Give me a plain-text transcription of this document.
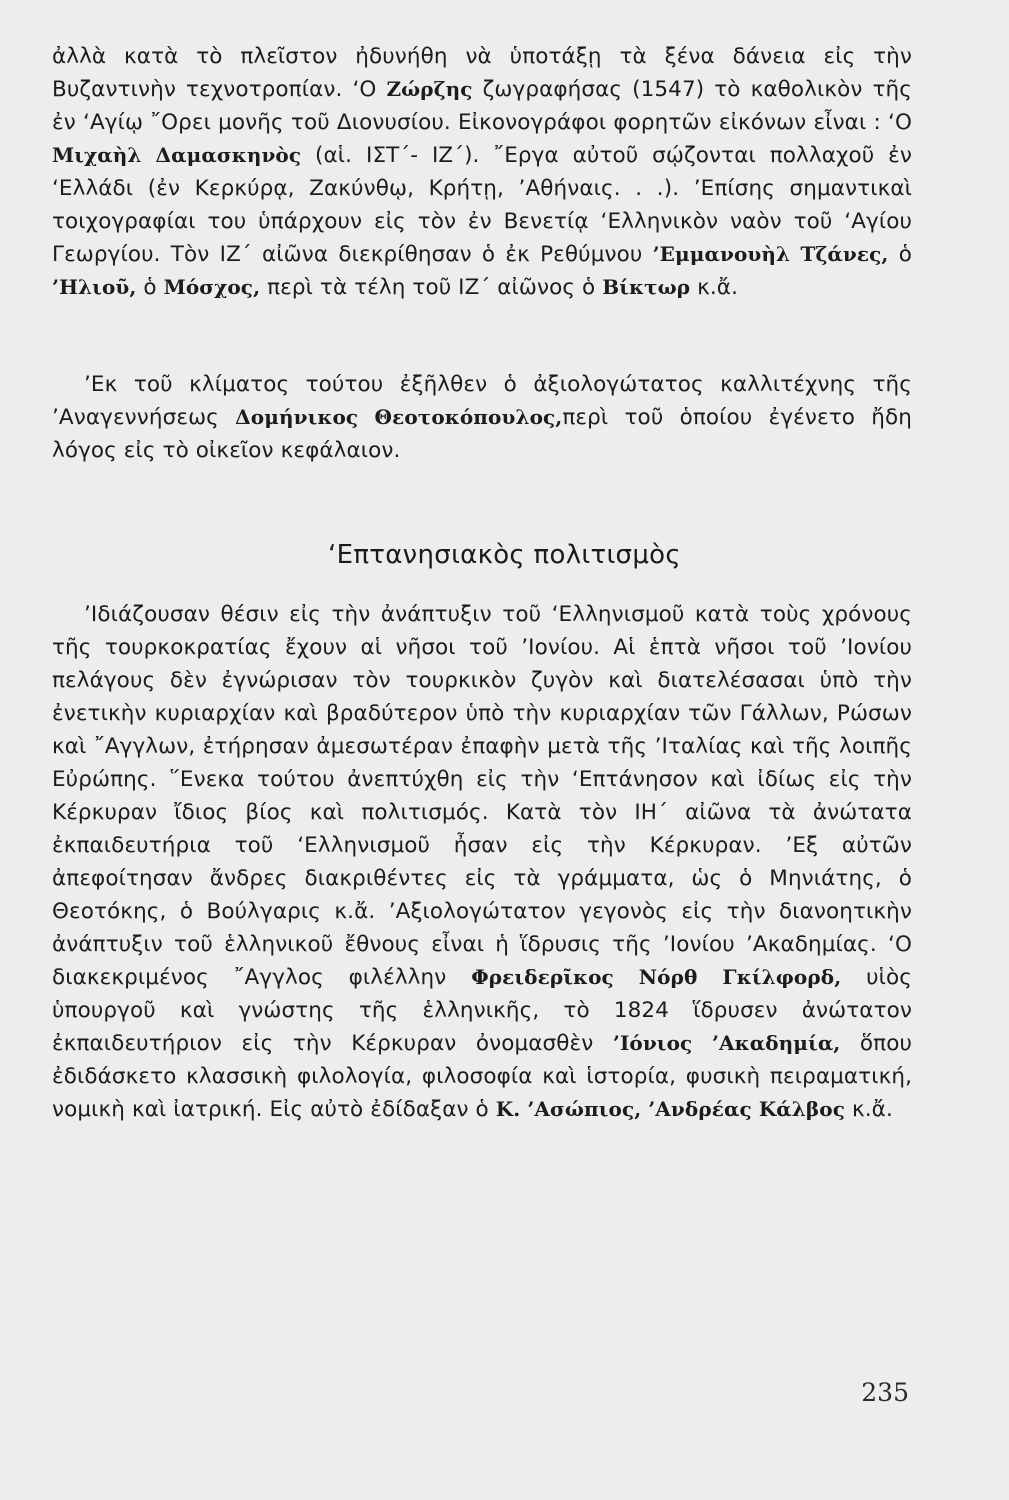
ἀλλὰ κατὰ τὸ πλεῖστον ἠδυνήθη νὰ ὑποτάξῃ τὰ ξένα δάνεια εἰς τὴν Βυζαντινὴν τεχνοτροπίαν. ‘Ο Ζώρζης ζωγραφήσας (1547) τὸ καθολικὸν τῆς ἐν ‘Αγίῳ ῎Ορει μονῆς τοῦ Διονυσίου. Εἰκονογράφοι φορητῶν εἰκόνων εἶναι : ‘Ο Μιχαὴλ Δαμασκηνὸς (αἱ. ΙΣΤ΄- ΙΖ΄). ῎Εργα αὐτοῦ σῴζονται πολλαχοῦ ἐν ‘Ελλάδι (ἐν Κερκύρᾳ, Ζακύνθῳ, Κρήτῃ, ’Αθήναις. . .). ’Επίσης σημαντικαὶ τοιχογραφίαι του ὑπάρχουν εἰς τὸν ἐν Βενετίᾳ ‘Ελληνικὸν ναὸν τοῦ ‘Αγίου Γεωργίου. Τὸν ΙΖ΄ αἰῶνα διεκρίθησαν ὁ ἐκ Ρεθύμνου ’Εμμανουὴλ Τζάνες, ὁ ’Ηλιοῦ, ὁ Μόσχος, περὶ τὰ τέλη τοῦ ΙΖ΄ αἰῶνος ὁ Βίκτωρ κ.ἄ.

’Εκ τοῦ κλίματος τούτου ἐξῆλθεν ὁ ἀξιολογώτατος καλλιτέχνης τῆς ’Αναγεννήσεως Δομήνικος Θεοτοκόπουλος,περὶ τοῦ ὁποίου ἐγένετο ἤδη λόγος εἰς τὸ οἰκεῖον κεφάλαιον.

‘Επτανησιακὸς πολιτισμὸς

’Ιδιάζουσαν θέσιν εἰς τὴν ἀνάπτυξιν τοῦ ‘Ελληνισμοῦ κατὰ τοὺς χρόνους τῆς τουρκοκρατίας ἔχουν αἱ νῆσοι τοῦ ’Ιονίου. Αἱ ἑπτὰ νῆσοι τοῦ ’Ιονίου πελάγους δὲν ἐγνώρισαν τὸν τουρκικὸν ζυγὸν καὶ διατελέσασαι ὑπὸ τὴν ἐνετικὴν κυριαρχίαν καὶ βραδύτερον ὑπὸ τὴν κυριαρχίαν τῶν Γάλλων, Ρώσων καὶ ῎Αγγλων, ἐτήρησαν ἀμεσωτέραν ἐπαφὴν μετὰ τῆς ’Ιταλίας καὶ τῆς λοιπῆς Εὐρώπης. ῞Ενεκα τούτου ἀνεπτύχθη εἰς τὴν ‘Επτάνησον καὶ ἰδίως εἰς τὴν Κέρκυραν ἴδιος βίος καὶ πολιτισμός. Κατὰ τὸν ΙΗ΄ αἰῶνα τὰ ἀνώτατα ἐκπαιδευτήρια τοῦ ‘Ελληνισμοῦ ἦσαν εἰς τὴν Κέρκυραν. ’Εξ αὐτῶν ἀπεφοίτησαν ἄνδρες διακριθέντες εἰς τὰ γράμματα, ὡς ὁ Μηνιάτης, ὁ Θεοτόκης, ὁ Βούλγαρις κ.ἄ. ’Αξιολογώτατον γεγονὸς εἰς τὴν διανοητικὴν ἀνάπτυξιν τοῦ ἑλληνικοῦ ἔθνους εἶναι ἡ ἵδρυσις τῆς ’Ιονίου ’Ακαδημίας. ‘Ο διακεκριμένος ῎Αγγλος φιλέλλην Φρειδερῖκος Νόρθ Γκίλφορδ, υἱὸς ὑπουργοῦ καὶ γνώστης τῆς ἑλληνικῆς, τὸ 1824 ἵδρυσεν ἀνώτατον ἐκπαιδευτήριον εἰς τὴν Κέρκυραν ὀνομασθὲν ’Ιόνιος ’Ακαδημία, ὅπου ἐδιδάσκετο κλασσικὴ φιλολογία, φιλοσοφία καὶ ἱστορία, φυσικὴ πειραματική, νομικὴ καὶ ἰατρική. Εἰς αὐτὸ ἐδίδαξαν ὁ Κ. ’Ασώπιος, ’Ανδρέας Κάλβος κ.ἄ.

235
